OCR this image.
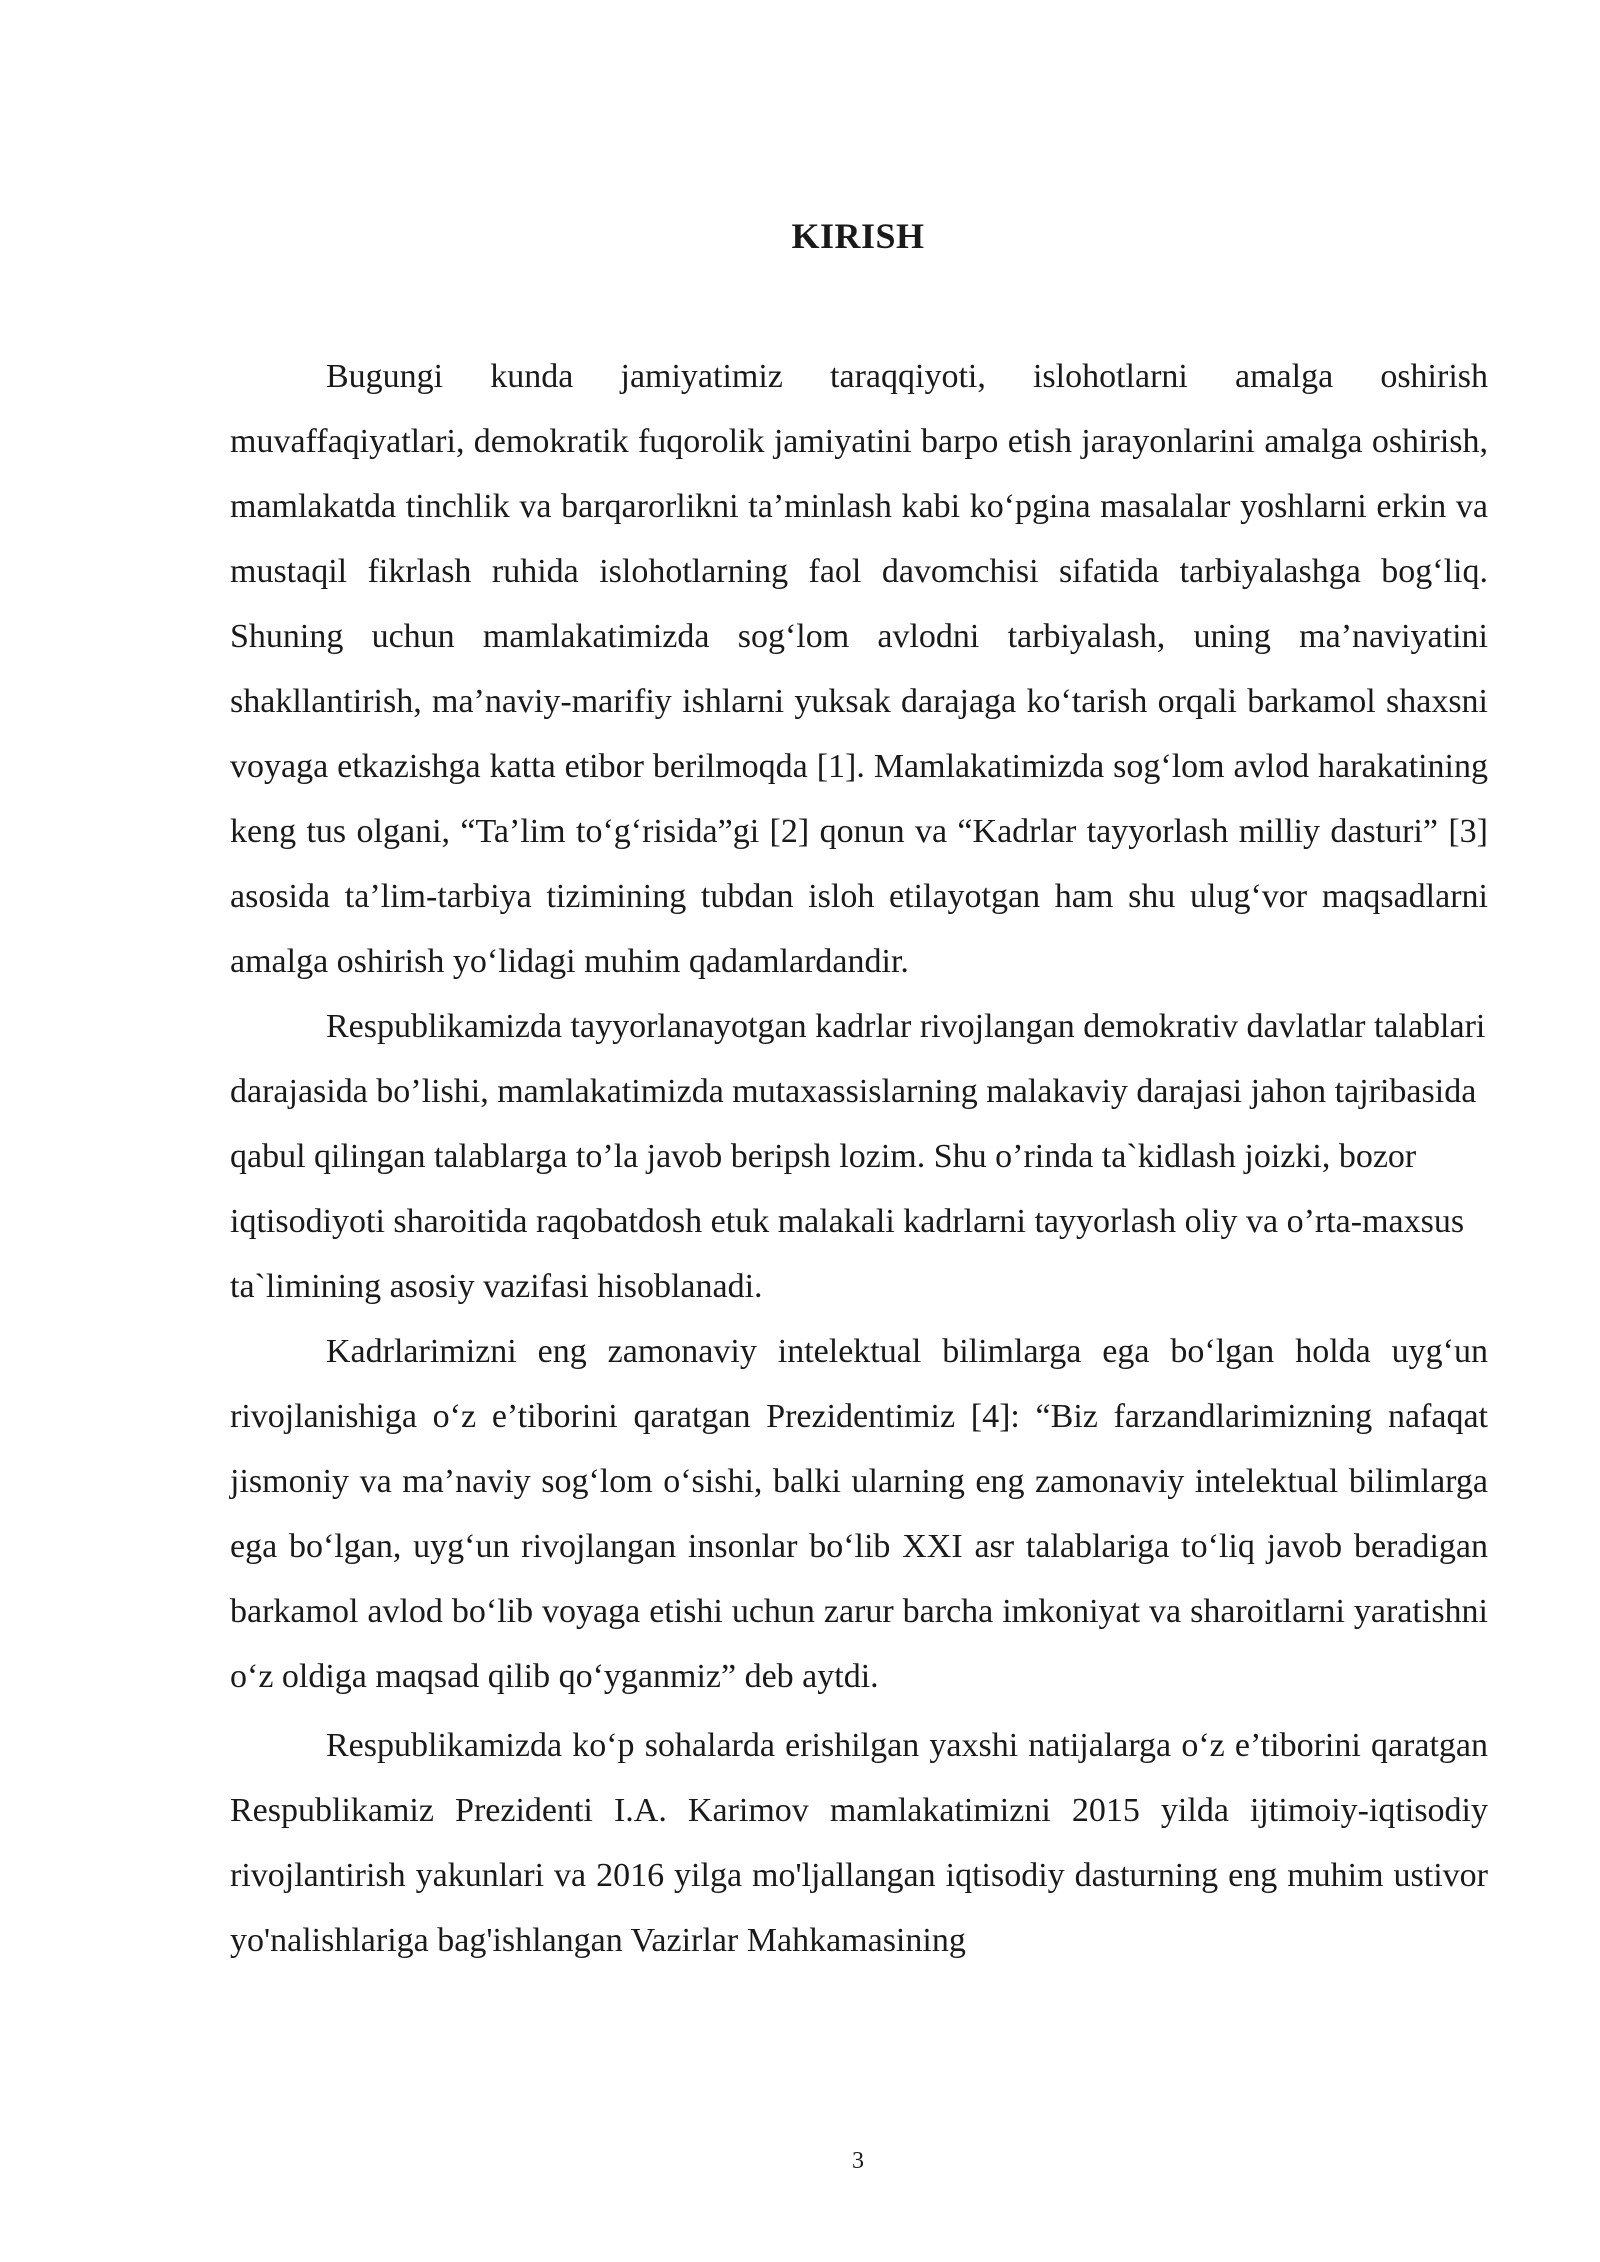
KIRISH

Bugungi kunda jamiyatimiz taraqqiyoti, islohotlarni amalga oshirish muvaffaqiyatlari, demokratik fuqorolik jamiyatini barpo etish jarayonlarini amalga oshirish, mamlakatda tinchlik va barqarorlikni ta’minlash kabi ko‘pgina masalalar yoshlarni erkin va mustaqil fikrlash ruhida islohotlarning faol davomchisi sifatida tarbiyalashga bog‘liq. Shuning uchun mamlakatimizda sog‘lom avlodni tarbiyalash, uning ma’naviyatini shakllantirish, ma’naviy-marifiy ishlarni yuksak darajaga ko‘tarish orqali barkamol shaxsni voyaga etkazishga katta etibor berilmoqda [1]. Mamlakatimizda sog‘lom avlod harakatining keng tus olgani, “Ta’lim to‘g‘risida”gi [2] qonun va “Kadrlar tayyorlash milliy dasturi” [3] asosida ta’lim-tarbiya tizimining tubdan isloh etilayotgan ham shu ulug‘vor maqsadlarni amalga oshirish yo‘lidagi muhim qadamlardandir.

Respublikamizda tayyorlanayotgan kadrlar rivojlangan demokrativ davlatlar talablari darajasida bo’lishi, mamlakatimizda mutaxassislarning malakaviy darajasi jahon tajribasida qabul qilingan talablarga to’la javob beripsh lozim. Shu o’rinda ta`kidlash joizki, bozor iqtisodiyoti sharoitida raqobatdosh etuk malakali kadrlarni tayyorlash oliy va o’rta-maxsus ta`limining asosiy vazifasi hisoblanadi.

Kadrlarimizni eng zamonaviy intelektual bilimlarga ega bo‘lgan holda uyg‘un rivojlanishiga o‘z e’tiborini qaratgan Prezidentimiz [4]: “Biz farzandlarimizning nafaqat jismoniy va ma’naviy sog‘lom o‘sishi, balki ularning eng zamonaviy intelektual bilimlarga ega bo‘lgan, uyg‘un rivojlangan insonlar bo‘lib XXI asr talablariga to‘liq javob beradigan barkamol avlod bo‘lib voyaga etishi uchun zarur barcha imkoniyat va sharoitlarni yaratishni o‘z oldiga maqsad qilib qo‘yganmiz” deb aytdi.

Respublikamizda ko‘p sohalarda erishilgan yaxshi natijalarga o‘z e’tiborini qaratgan Respublikamiz Prezidenti I.A. Karimov mamlakatimizni 2015 yilda ijtimoiy-iqtisodiy rivojlantirish yakunlari va 2016 yilga mo'ljallangan iqtisodiy dasturning eng muhim ustivor yo'nalishlariga bag'ishlangan Vazirlar Mahkamasining

3
